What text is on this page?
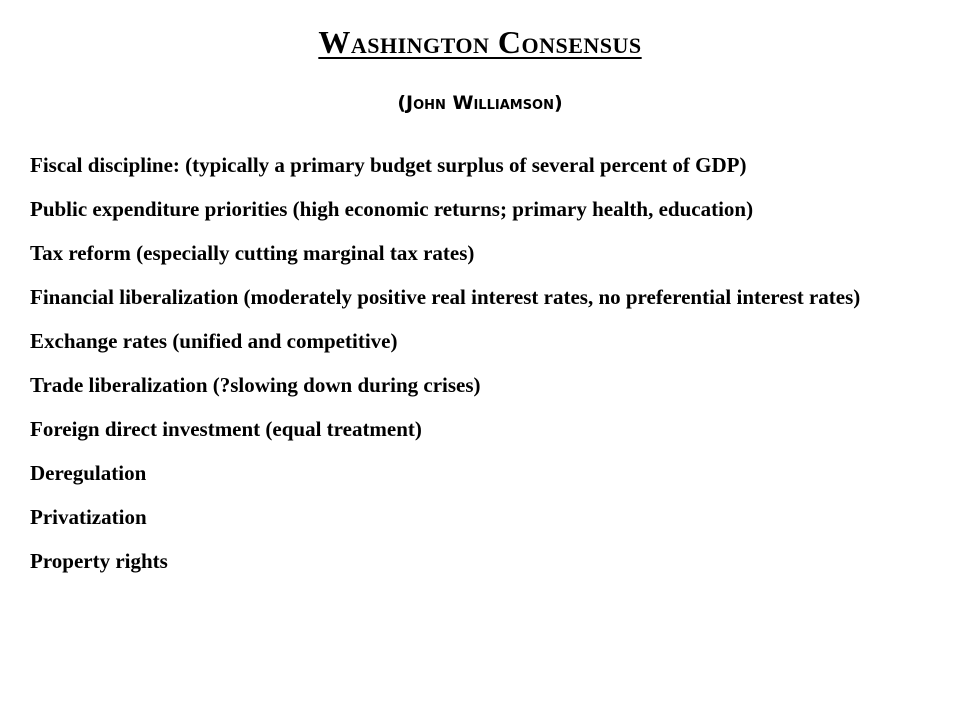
Washington Consensus
(John Williamson)
Fiscal discipline: (typically a primary budget surplus of several percent of GDP)
Public expenditure priorities (high economic returns; primary health, education)
Tax reform (especially cutting marginal tax rates)
Financial liberalization (moderately positive real interest rates, no preferential interest rates)
Exchange rates (unified and competitive)
Trade liberalization (?slowing down during crises)
Foreign direct investment (equal treatment)
Deregulation
Privatization
Property rights
